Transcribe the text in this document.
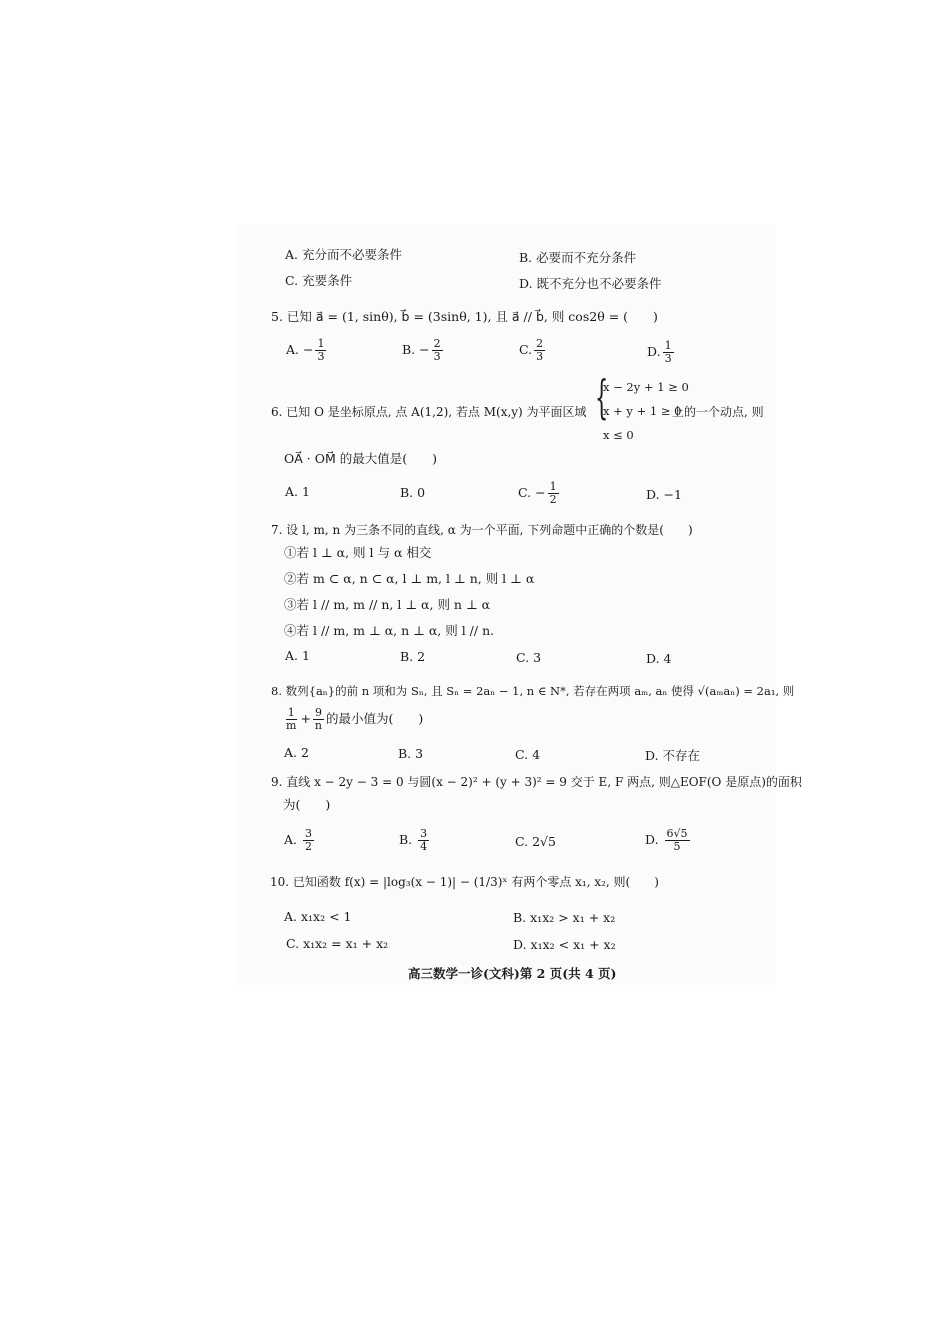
A. 充分而不必要条件	B. 必要而不充分条件
C. 充要条件	D. 既不充分也不必要条件
5. 已知 a⃗ = (1, sinθ), b⃗ = (3sinθ, 1), 且 a⃗ // b⃗, 则 cos2θ = (　　)
A. − $\frac{1}{3}$	B. − $\frac{2}{3}$	C. $\frac{2}{3}$	D. $\frac{1}{3}$
6. 已知 O 是坐标原点, 点 A(1,2), 若点 M(x,y) 为平面区域 {
x − 2y + 1 ≥ 0
x + y + 1 ≥ 0
x ≤ 0
上的一个动点, 则
OA⃗ · OM⃗ 的最大值是(　　)
A. 1	B. 0	C. − $\frac{1}{2}$	D. −1
7. 设 l, m, n 为三条不同的直线, α 为一个平面, 下列命题中正确的个数是(　　)
①若 l ⊥ α, 则 l 与 α 相交
②若 m ⊂ α, n ⊂ α, l ⊥ m, l ⊥ n, 则 l ⊥ α
③若 l // m, m // n, l ⊥ α, 则 n ⊥ α
④若 l // m, m ⊥ α, n ⊥ α, 则 l // n.
A. 1	B. 2	C. 3	D. 4
8. 数列{aₙ}的前 n 项和为 Sₙ, 且 Sₙ = 2aₙ − 1, n ∈ N*, 若存在两项 aₘ, aₙ 使得 √(aₘaₙ) = 2a₁, 则
$\frac{1}{m} + \frac{9}{n}$ 的最小值为(　　)
A. 2	B. 3	C. 4	D. 不存在
9. 直线 x − 2y − 3 = 0 与圆(x − 2)² + (y + 3)² = 9 交于 E, F 两点, 则△EOF(O 是原点)的面积
为(　　)
A. $\frac{3}{2}$	B. $\frac{3}{4}$	C. 2√5	D. $\frac{6√5}{5}$
10. 已知函数 f(x) = |log₃(x − 1)| − (1/3)ˣ 有两个零点 x₁, x₂, 则(　　)
A. x₁x₂ < 1	B. x₁x₂ > x₁ + x₂
C. x₁x₂ = x₁ + x₂	D. x₁x₂ < x₁ + x₂
高三数学一诊(文科)第 2 页(共 4 页)
